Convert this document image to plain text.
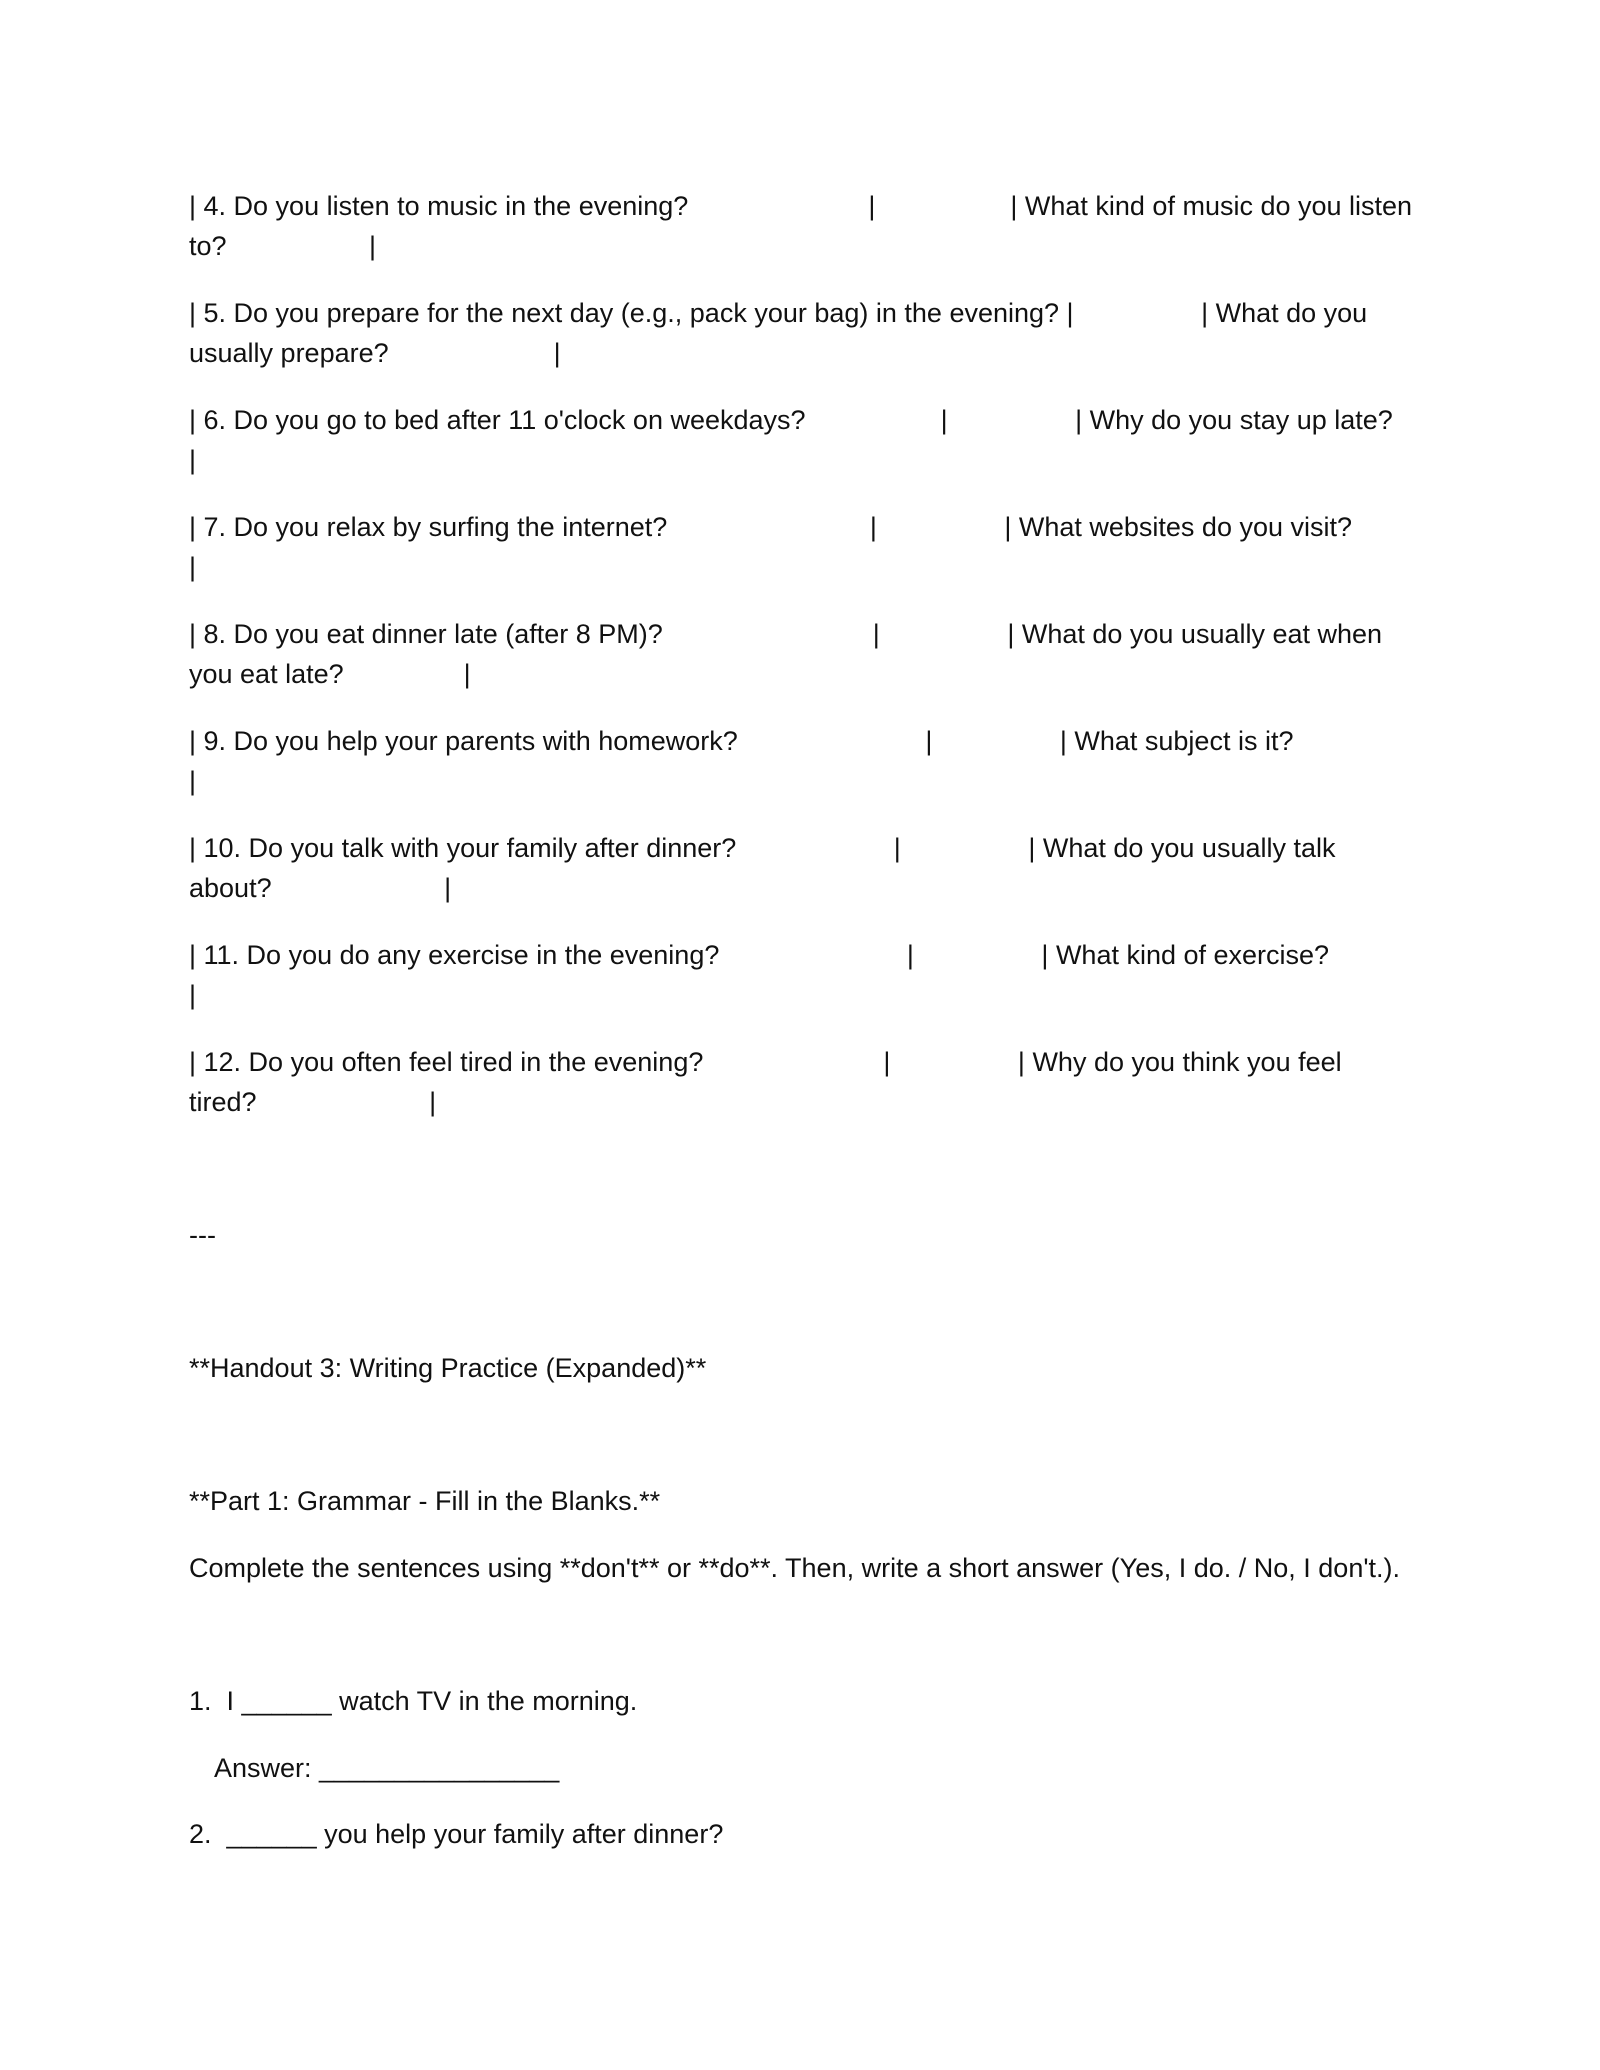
| 4. Do you listen to music in the evening?                        |                  | What kind of music do you listen
to?                   |

| 5. Do you prepare for the next day (e.g., pack your bag) in the evening? |                 | What do you
usually prepare?                      |

| 6. Do you go to bed after 11 o'clock on weekdays?                  |                 | Why do you stay up late?
|

| 7. Do you relax by surfing the internet?                           |                 | What websites do you visit?
|

| 8. Do you eat dinner late (after 8 PM)?                            |                 | What do you usually eat when
you eat late?                |

| 9. Do you help your parents with homework?                         |                 | What subject is it?
|

| 10. Do you talk with your family after dinner?                     |                 | What do you usually talk
about?                       |

| 11. Do you do any exercise in the evening?                         |                 | What kind of exercise?
|

| 12. Do you often feel tired in the evening?                        |                 | Why do you think you feel
tired?                       |

---

**Handout 3: Writing Practice (Expanded)**

**Part 1: Grammar - Fill in the Blanks.**

Complete the sentences using **don't** or **do**. Then, write a short answer (Yes, I do. / No, I don't.).

1.  I ______ watch TV in the morning.

Answer: ________________

2.  ______ you help your family after dinner?
